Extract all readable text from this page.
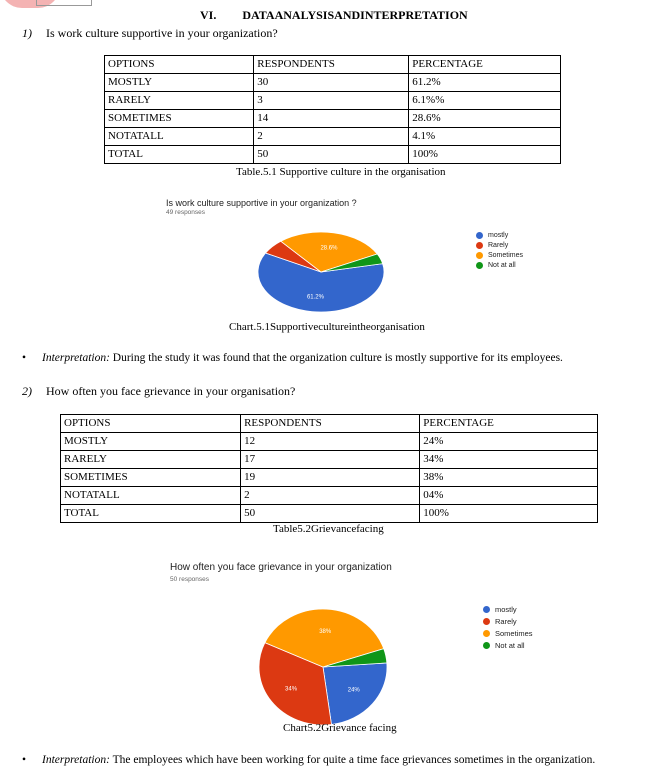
VI. DATAANALYSISANDINTERPRETATION
1) Is work culture supportive in your organization?
OPTIONS	RESPONDENTS	PERCENTAGE
MOSTLY	30	61.2%
RARELY	3	6.1%%
SOMETIMES	14	28.6%
NOTATALL	2	4.1%
TOTAL	50	100%
Table.5.1 Supportive culture in the organisation
Is work culture supportive in your organization ?
49 responses
61.2%
28.6%
mostly
Rarely
Sometimes
Not at all
Chart.5.1Supportivecultureintheorganisation
• Interpretation: During the study it was found that the organization culture is mostly supportive for its employees.
2) How often you face grievance in your organisation?
OPTIONS	RESPONDENTS	PERCENTAGE
MOSTLY	12	24%
RARELY	17	34%
SOMETIMES	19	38%
NOTATALL	2	04%
TOTAL	50	100%
Table5.2Grievancefacing
How often you face grievance in your organization
50 responses
24%
34%
38%
mostly
Rarely
Sometimes
Not at all
Chart5.2Grievance facing
• Interpretation: The employees which have been working for quite a time face grievances sometimes in the organization.
